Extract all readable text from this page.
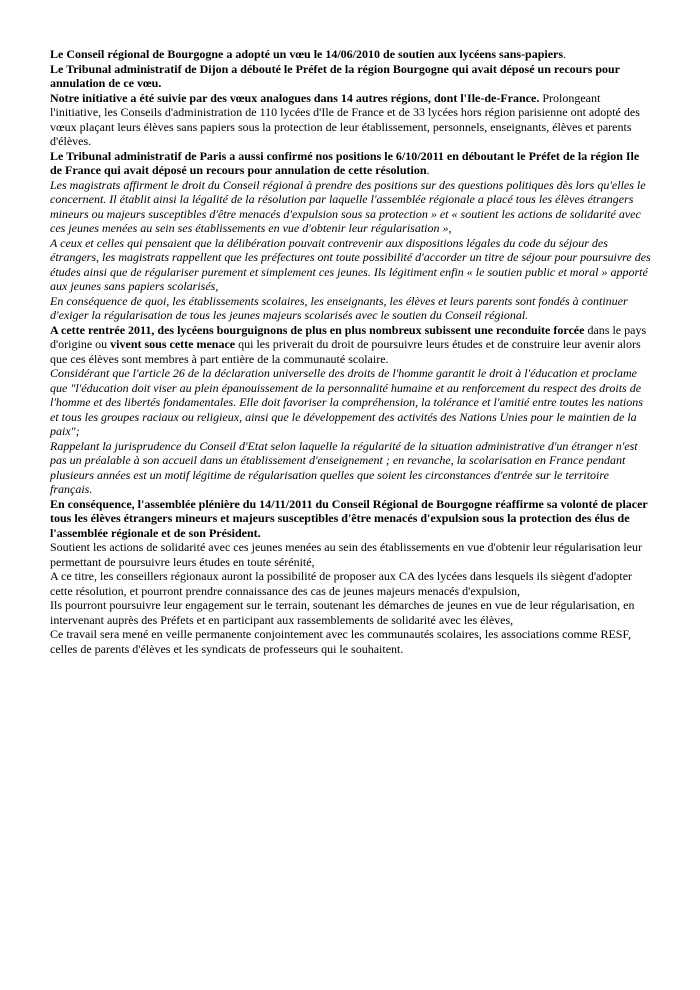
Le Conseil régional de Bourgogne a adopté un vœu le 14/06/2010 de soutien aux lycéens sans-papiers.

Le Tribunal administratif de Dijon a débouté le Préfet de la région Bourgogne qui avait déposé un recours pour annulation de ce vœu.

Notre initiative a été suivie par des vœux analogues dans 14 autres régions, dont l'Ile-de-France. Prolongeant l'initiative, les Conseils d'administration de 110 lycées d'Ile de France et de 33 lycées hors région parisienne ont adopté des vœux plaçant leurs élèves sans papiers sous la protection de leur établissement, personnels, enseignants, élèves et parents d'élèves.

Le Tribunal administratif de Paris a aussi confirmé nos positions le 6/10/2011 en déboutant le Préfet de la région Ile de France qui avait déposé un recours pour annulation de cette résolution.

Les magistrats affirment le droit du Conseil régional à prendre des positions sur des questions politiques dès lors qu'elles le concernent. Il établit ainsi la légalité de la résolution par laquelle l'assemblée régionale a placé tous les élèves étrangers mineurs ou majeurs susceptibles d'être menacés d'expulsion sous sa protection » et « soutient les actions de solidarité avec ces jeunes menées au sein ses établissements en vue d'obtenir leur régularisation »,

A ceux et celles qui pensaient que la délibération pouvait contrevenir aux dispositions légales du code du séjour des étrangers, les magistrats rappellent que les préfectures ont toute possibilité d'accorder un titre de séjour pour poursuivre des études ainsi que de régulariser purement et simplement ces jeunes. Ils légitiment enfin « le soutien public et moral » apporté aux jeunes sans papiers scolarisés,

En conséquence de quoi, les établissements scolaires, les enseignants, les élèves et leurs parents sont fondés à continuer d'exiger la régularisation de tous les jeunes majeurs scolarisés avec le soutien du Conseil régional.

A cette rentrée 2011, des lycéens bourguignons de plus en plus nombreux subissent une reconduite forcée dans le pays d'origine ou vivent sous cette menace qui les priverait du droit de poursuivre leurs études et de construire leur avenir alors que ces élèves sont membres à part entière de la communauté scolaire.

Considérant que l'article 26 de la déclaration universelle des droits de l'homme garantit le droit à l'éducation et proclame que "l'éducation doit viser au plein épanouissement de la personnalité humaine et au renforcement du respect des droits de l'homme et des libertés fondamentales. Elle doit favoriser la compréhension, la tolérance et l'amitié entre toutes les nations et tous les groupes raciaux ou religieux, ainsi que le développement des activités des Nations Unies pour le maintien de la paix";

Rappelant la jurisprudence du Conseil d'Etat selon laquelle la régularité de la situation administrative d'un étranger n'est pas un préalable à son accueil dans un établissement d'enseignement ; en revanche, la scolarisation en France pendant plusieurs années est un motif légitime de régularisation quelles que soient les circonstances d'entrée sur le territoire français.

En conséquence, l'assemblée plénière du 14/11/2011 du Conseil Régional de Bourgogne réaffirme sa volonté de placer tous les élèves étrangers mineurs et majeurs susceptibles d'être menacés d'expulsion sous la protection des élus de l'assemblée régionale et de son Président.

Soutient les actions de solidarité avec ces jeunes menées au sein des établissements en vue d'obtenir leur régularisation leur permettant de poursuivre leurs études en toute sérénité,

A ce titre, les conseillers régionaux auront la possibilité de proposer aux CA des lycées dans lesquels ils siègent d'adopter cette résolution, et pourront prendre connaissance des cas de jeunes majeurs menacés d'expulsion,

Ils pourront poursuivre leur engagement sur le terrain, soutenant les démarches de jeunes en vue de leur régularisation, en intervenant auprès des Préfets et en participant aux rassemblements de solidarité avec les élèves,

Ce travail sera mené en veille permanente conjointement avec les communautés scolaires, les associations comme RESF, celles de parents d'élèves et les syndicats de professeurs qui le souhaitent.
